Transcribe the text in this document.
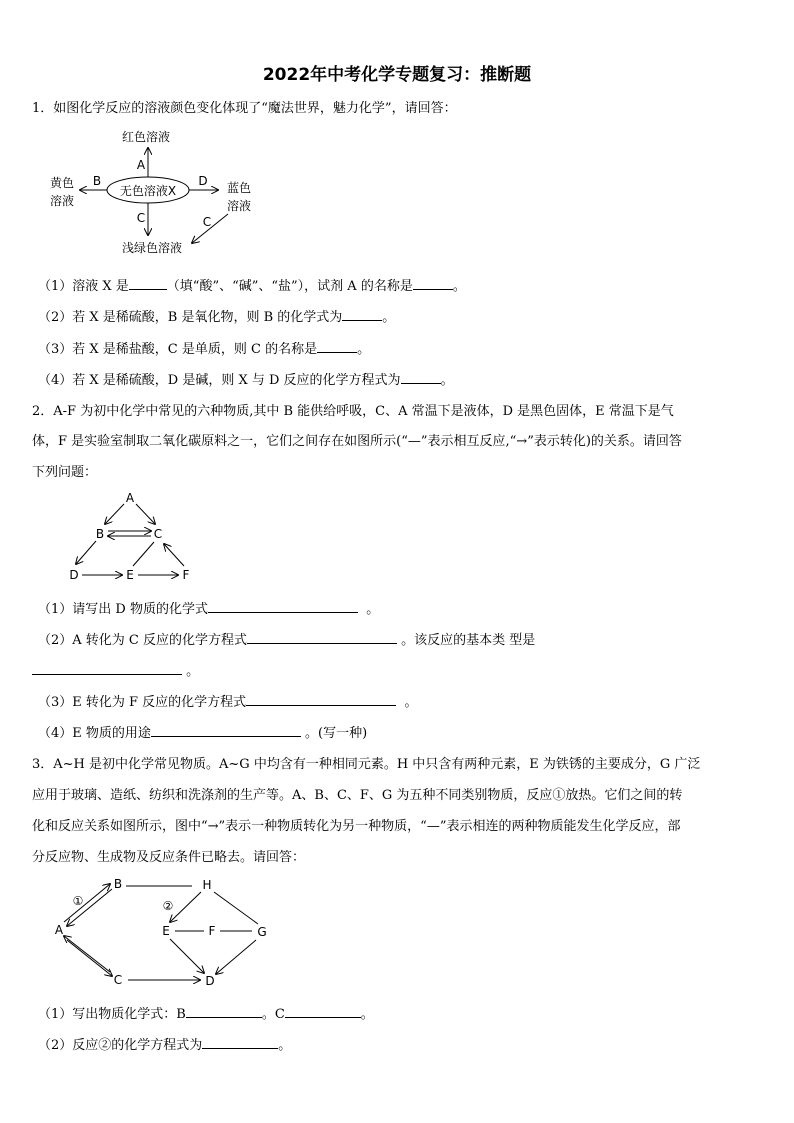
2022年中考化学专题复习：推断题
1．如图化学反应的溶液颜色变化体现了“魔法世界，魅力化学”，请回答：
无色溶液X
红色溶液
A
B
黄色
溶液
D 蓝色
溶液
C	C
浅绿色溶液
（1）溶液 X 是	（填“酸”、“碱”、“盐”），试剂 A 的名称是	。
（2）若 X 是稀硫酸，B 是氧化物，则 B 的化学式为	。
（3）若 X 是稀盐酸，C 是单质，则 C 的名称是	。
（4）若 X 是稀硫酸，D 是碱，则 X 与 D 反应的化学方程式为	。
2．A-F 为初中化学中常见的六种物质,其中 B 能供给呼吸，C、A 常温下是液体，D 是黑色固体，E 常温下是气
体，F 是实验室制取二氧化碳原料之一，它们之间存在如图所示(“—”表示相互反应,“→”表示转化)的关系。请回答
下列问题：
A
B	C
D	E	F
（1）请写出 D 物质的化学式	。
（2）A 转化为 C 反应的化学方程式	。该反应的基本类 型是
。
（3）E 转化为 F 反应的化学方程式	。
（4）E 物质的用途	。(写一种)
3．A~H 是初中化学常见物质。A~G 中均含有一种相同元素。H 中只含有两种元素，E 为铁锈的主要成分，G 广泛
应用于玻璃、造纸、纺织和洗涤剂的生产等。A、B、C、F、G 为五种不同类别物质，反应①放热。它们之间的转
化和反应关系如图所示，图中“→”表示一种物质转化为另一种物质，“—”表示相连的两种物质能发生化学反应，部
分反应物、生成物及反应条件已略去。请回答：
B	H
A	E	F	G
C	D
①	②
（1）写出物质化学式：B	。C	。
（2）反应②的化学方程式为	。
